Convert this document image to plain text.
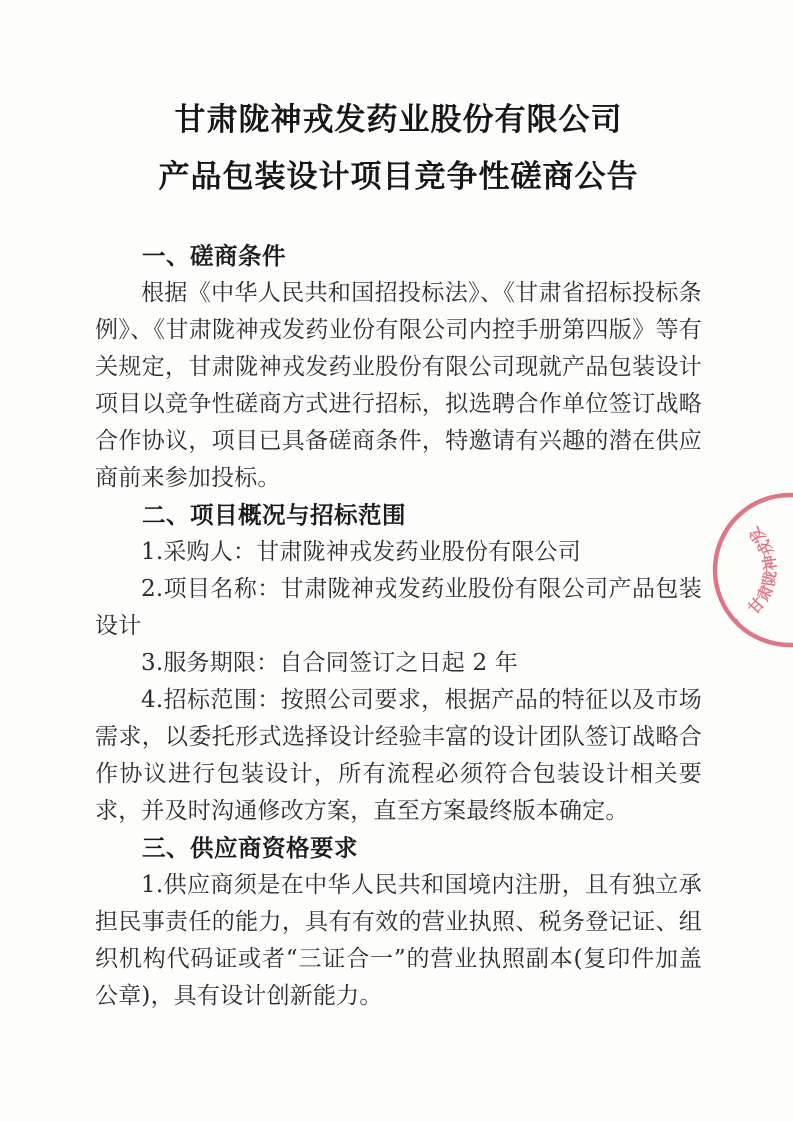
甘肃陇神戎发药业股份有限公司
产品包装设计项目竞争性磋商公告
一、磋商条件

根据《中华人民共和国招投标法》、《甘肃省招标投标条例》、《甘肃陇神戎发药业份有限公司内控手册第四版》等有关规定，甘肃陇神戎发药业股份有限公司现就产品包装设计项目以竞争性磋商方式进行招标，拟选聘合作单位签订战略合作协议，项目已具备磋商条件，特邀请有兴趣的潜在供应商前来参加投标。

二、项目概况与招标范围

1.采购人：甘肃陇神戎发药业股份有限公司

2.项目名称：甘肃陇神戎发药业股份有限公司产品包装设计

3.服务期限：自合同签订之日起 2 年

4.招标范围：按照公司要求，根据产品的特征以及市场需求，以委托形式选择设计经验丰富的设计团队签订战略合作协议进行包装设计，所有流程必须符合包装设计相关要求，并及时沟通修改方案，直至方案最终版本确定。

三、供应商资格要求

1.供应商须是在中华人民共和国境内注册，且有独立承担民事责任的能力，具有有效的营业执照、税务登记证、组织机构代码证或者“三证合一”的营业执照副本(复印件加盖公章)，具有设计创新能力。

甘肃陇神戎发
